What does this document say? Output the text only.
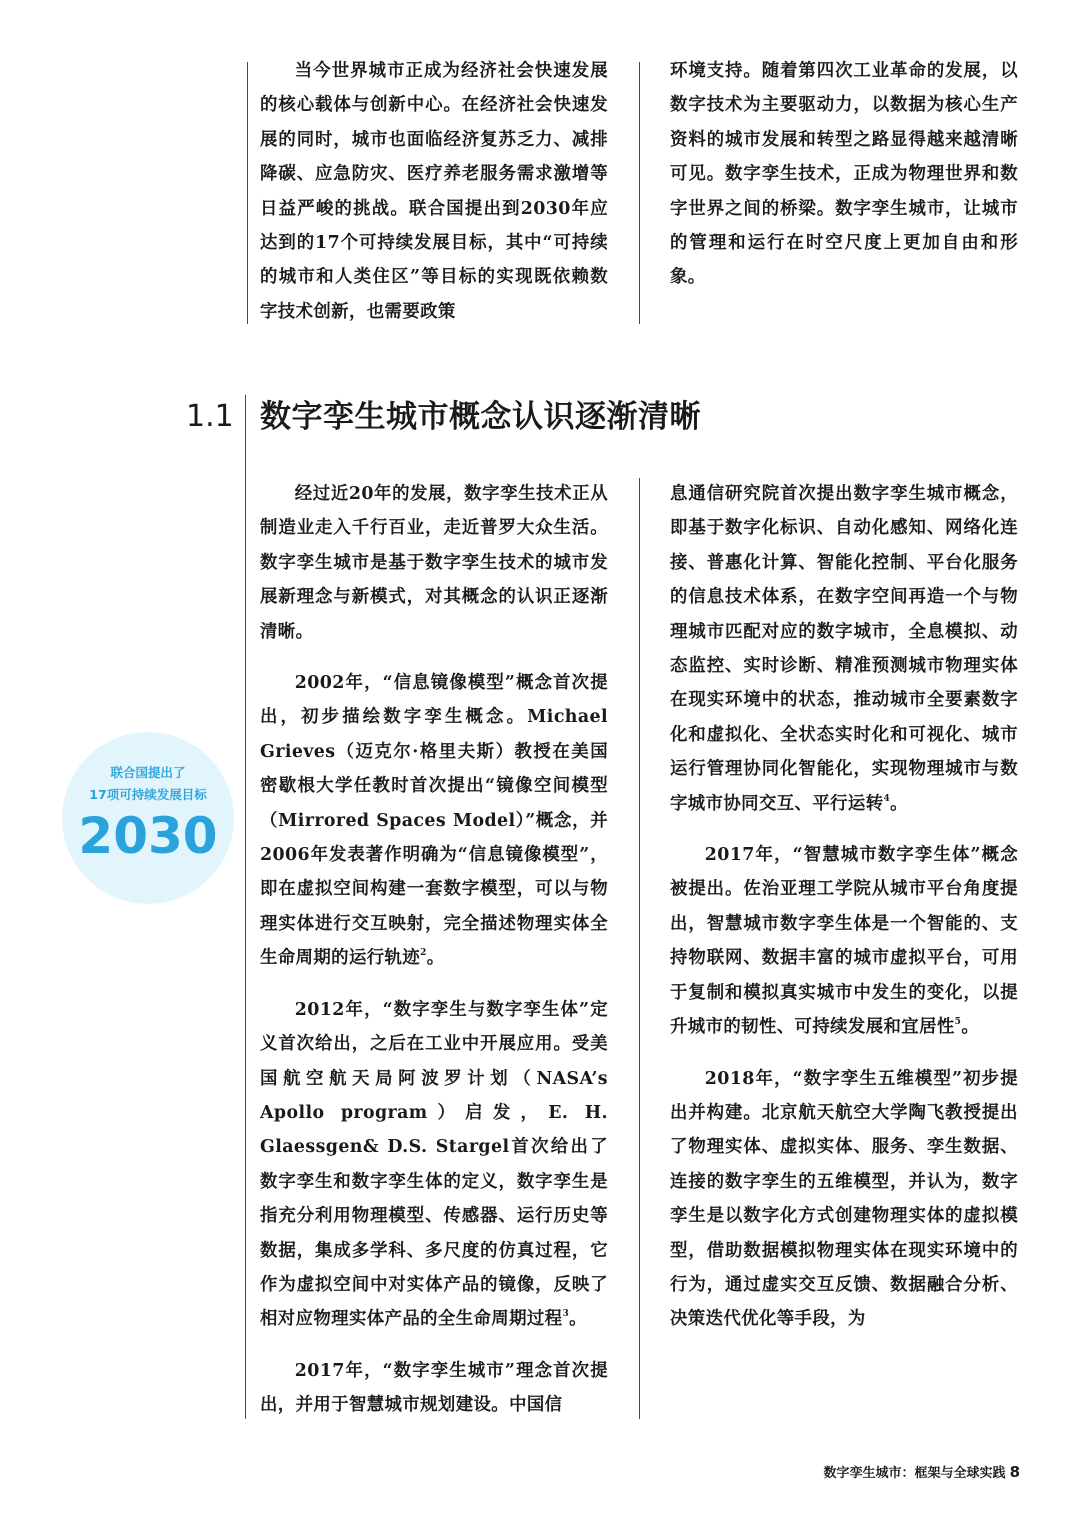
当今世界城市正成为经济社会快速发展的核心载体与创新中心。在经济社会快速发展的同时，城市也面临经济复苏乏力、减排降碳、应急防灾、医疗养老服务需求激增等日益严峻的挑战。联合国提出到2030年应达到的17个可持续发展目标，其中“可持续的城市和人类住区”等目标的实现既依赖数字技术创新，也需要政策

环境支持。随着第四次工业革命的发展，以数字技术为主要驱动力，以数据为核心生产资料的城市发展和转型之路显得越来越清晰可见。数字孪生技术，正成为物理世界和数字世界之间的桥梁。数字孪生城市，让城市的管理和运行在时空尺度上更加自由和形象。

1.1 数字孪生城市概念认识逐渐清晰
联合国提出了
17项可持续发展目标
2030

经过近20年的发展，数字孪生技术正从制造业走入千行百业，走近普罗大众生活。数字孪生城市是基于数字孪生技术的城市发展新理念与新模式，对其概念的认识正逐渐清晰。

2002年，“信息镜像模型”概念首次提出，初步描绘数字孪生概念。Michael Grieves（迈克尔·格里夫斯）教授在美国密歇根大学任教时首次提出“镜像空间模型（Mirrored Spaces Model）”概念，并2006年发表著作明确为“信息镜像模型”，即在虚拟空间构建一套数字模型，可以与物理实体进行交互映射，完全描述物理实体全生命周期的运行轨迹$^2$。

2012年，“数字孪生与数字孪生体”定义首次给出，之后在工业中开展应用。受美国航空航天局阿波罗计划（NASA’s Apollo program）启发，E. H. Glaessgen& D.S. Stargel首次给出了数字孪生和数字孪生体的定义，数字孪生是指充分利用物理模型、传感器、运行历史等数据，集成多学科、多尺度的仿真过程，它作为虚拟空间中对实体产品的镜像，反映了相对应物理实体产品的全生命周期过程$^3$。

2017年，“数字孪生城市”理念首次提出，并用于智慧城市规划建设。中国信

息通信研究院首次提出数字孪生城市概念，即基于数字化标识、自动化感知、网络化连接、普惠化计算、智能化控制、平台化服务的信息技术体系，在数字空间再造一个与物理城市匹配对应的数字城市，全息模拟、动态监控、实时诊断、精准预测城市物理实体在现实环境中的状态，推动城市全要素数字化和虚拟化、全状态实时化和可视化、城市运行管理协同化智能化，实现物理城市与数字城市协同交互、平行运转$^4$。

2017年，“智慧城市数字孪生体”概念被提出。佐治亚理工学院从城市平台角度提出，智慧城市数字孪生体是一个智能的、支持物联网、数据丰富的城市虚拟平台，可用于复制和模拟真实城市中发生的变化，以提升城市的韧性、可持续发展和宜居性$^5$。

2018年，“数字孪生五维模型”初步提出并构建。北京航天航空大学陶飞教授提出了物理实体、虚拟实体、服务、孪生数据、连接的数字孪生的五维模型，并认为，数字孪生是以数字化方式创建物理实体的虚拟模型，借助数据模拟物理实体在现实环境中的行为，通过虚实交互反馈、数据融合分析、决策迭代优化等手段，为

数字孪生城市：框架与全球实践 8
